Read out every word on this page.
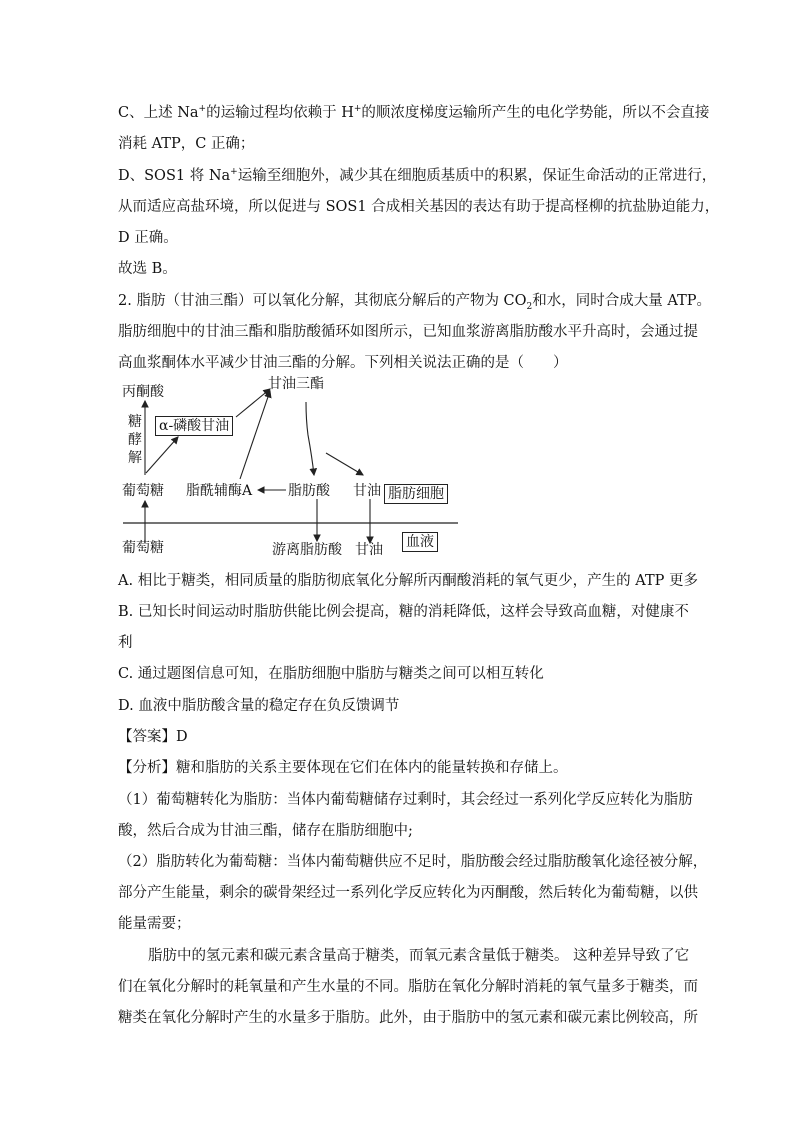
C、上述 Na+的运输过程均依赖于 H+的顺浓度梯度运输所产生的电化学势能，所以不会直接
消耗 ATP，C 正确；
D、SOS1 将 Na+运输至细胞外，减少其在细胞质基质中的积累，保证生命活动的正常进行，
从而适应高盐环境，所以促进与 SOS1 合成相关基因的表达有助于提高柽柳的抗盐胁迫能力，
D 正确。
故选 B。
2. 脂肪（甘油三酯）可以氧化分解，其彻底分解后的产物为 $CO_2$和水，同时合成大量 ATP。
脂肪细胞中的甘油三酯和脂肪酸循环如图所示，已知血浆游离脂肪酸水平升高时，会通过提
高血浆酮体水平减少甘油三酯的分解。下列相关说法正确的是（　　）
丙酮酸
糖
酵
解
α-磷酸甘油
甘油三酯
葡萄糖 脂酰辅酶A	脂肪酸 甘油 脂肪细胞
葡萄糖	游离脂肪酸 甘油 血液
A. 相比于糖类，相同质量的脂肪彻底氧化分解所丙酮酸消耗的氧气更少，产生的 ATP 更多
B. 已知长时间运动时脂肪供能比例会提高，糖的消耗降低，这样会导致高血糖，对健康不
利
C. 通过题图信息可知，在脂肪细胞中脂肪与糖类之间可以相互转化
D. 血液中脂肪酸含量的稳定存在负反馈调节
【答案】D
【分析】糖和脂肪的关系主要体现在它们在体内的能量转换和存储上。
（1）葡萄糖转化为脂肪：当体内葡萄糖储存过剩时，其会经过一系列化学反应转化为脂肪
酸，然后合成为甘油三酯，储存在脂肪细胞中;
（2）脂肪转化为葡萄糖：当体内葡萄糖供应不足时，脂肪酸会经过脂肪酸氧化途径被分解，
部分产生能量，剩余的碳骨架经过一系列化学反应转化为丙酮酸，然后转化为葡萄糖，以供
能量需要；
脂肪中的氢元素和碳元素含量高于糖类，而氧元素含量低于糖类。 这种差异导致了它
们在氧化分解时的耗氧量和产生水量的不同。脂肪在氧化分解时消耗的氧气量多于糖类，而
糖类在氧化分解时产生的水量多于脂肪。此外，由于脂肪中的氢元素和碳元素比例较高，所
